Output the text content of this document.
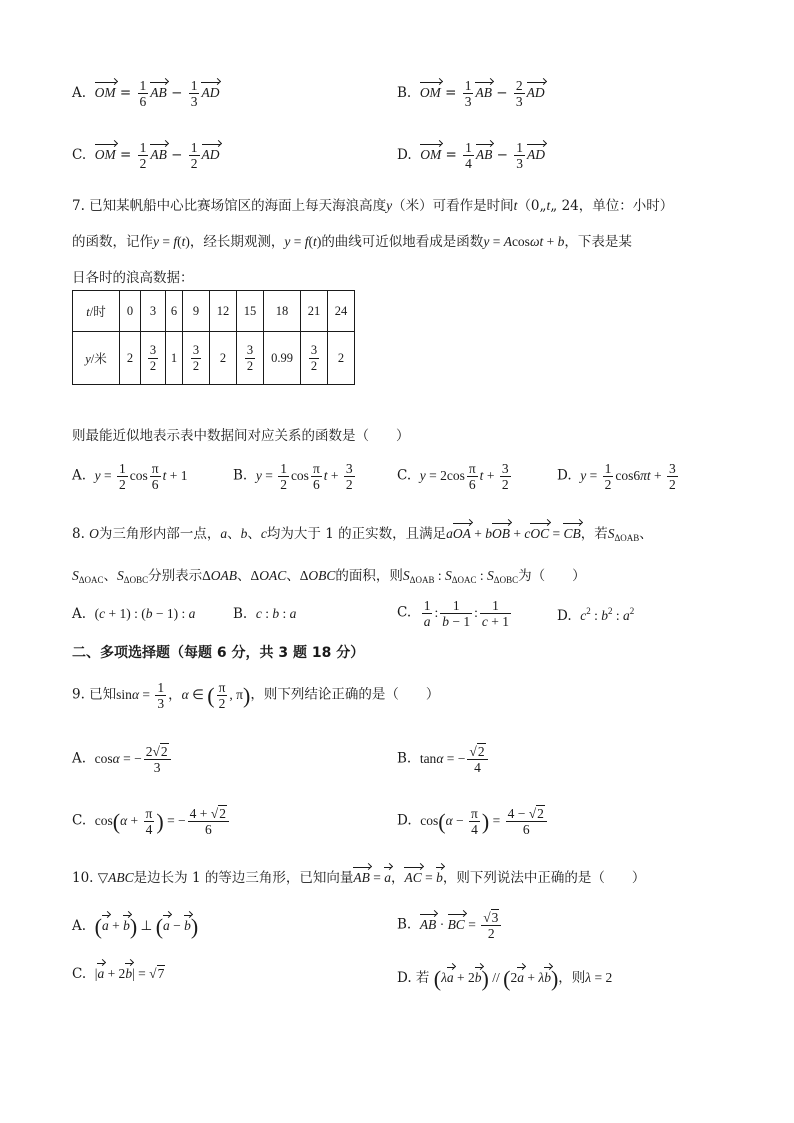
A. OM = $\frac{1}{6}$ AB − $\frac{1}{3}$ AD	B. OM = $\frac{1}{3}$ AB − $\frac{2}{3}$ AD
C. OM = $\frac{1}{2}$ AB − $\frac{1}{2}$ AD	D. OM = $\frac{1}{4}$ AB − $\frac{1}{3}$ AD
7. 已知某帆船中心比赛场馆区的海面上每天海浪高度y（米）可看作是时间t（0„t„ 24，单位：小时）
的函数，记作y = f(t)，经长期观测，y = f(t)的曲线可近似地看成是函数y = Acosωt + b，下表是某
日各时的浪高数据：
t/时	0	3	6	9	12	15	18	21	24
y/米	2	$\frac{3}{2}$	1	$\frac{3}{2}$	2	$\frac{3}{2}$	0.99	$\frac{3}{2}$	2
则最能近似地表示表中数据间对应关系的函数是（　　）
A. $y = \frac{1}{2}$ $\cos \frac{\pi}{6}$ t + 1	B. $y = \frac{1}{2}$ $\cos \frac{\pi}{6}$ $t + \frac{3}{2}$	C. $y = 2\cos \frac{\pi}{6}$ $t + \frac{3}{2}$	D. $y = \frac{1}{2} \cos 6\pi t + \frac{3}{2}$
8. O为三角形内部一点，a、b、c均为大于 1 的正实数，且满足aOA + bOB + cOC = CB，若$S_{\Delta OAB}$、
$S_{\Delta OAC}$、$S_{\Delta OBC}$分别表示ΔOAB、ΔOAC、ΔOBC的面积，则$S_{\Delta OAB}$ : $S_{\Delta OAC}$ : $S_{\Delta OBC}$为（　　）
A. (c + 1) : (b − 1) : a	B. c : b : a	C. $\frac{1}{a}$ : $\frac{1}{b - 1}$ : $\frac{1}{c + 1}$	D. $c^2$ : $b^2$ : $a^2$
二、多项选择题（每题 6 分，共 3 题 18 分）
9. 已知$\sin\alpha = \frac{1}{3}$ ，α ∈ ( $\frac{\pi}{2}$ , π)，则下列结论正确的是（　　）
A. cosα = − $\frac{2√2}{3}$	B. tanα = − $\frac{√2}{4}$
C. $\cos(\alpha + \frac{\pi}{4}$ ) = − $\frac{4 + √2}{6}$	D. $\cos(\alpha - \frac{\pi}{4}$ ) = $\frac{4 - √2}{6}$
10. ▽ABC是边长为 1 的等边三角形，已知向量AB = a，AC = b，则下列说法中正确的是（　　）
A. (a + b) ⊥ (a − b)	B. AB · BC = $\frac{√3}{2}$
C. |a + 2b| = √7	D. 若 (λa + 2b) // (2a + λb)，则λ = 2
